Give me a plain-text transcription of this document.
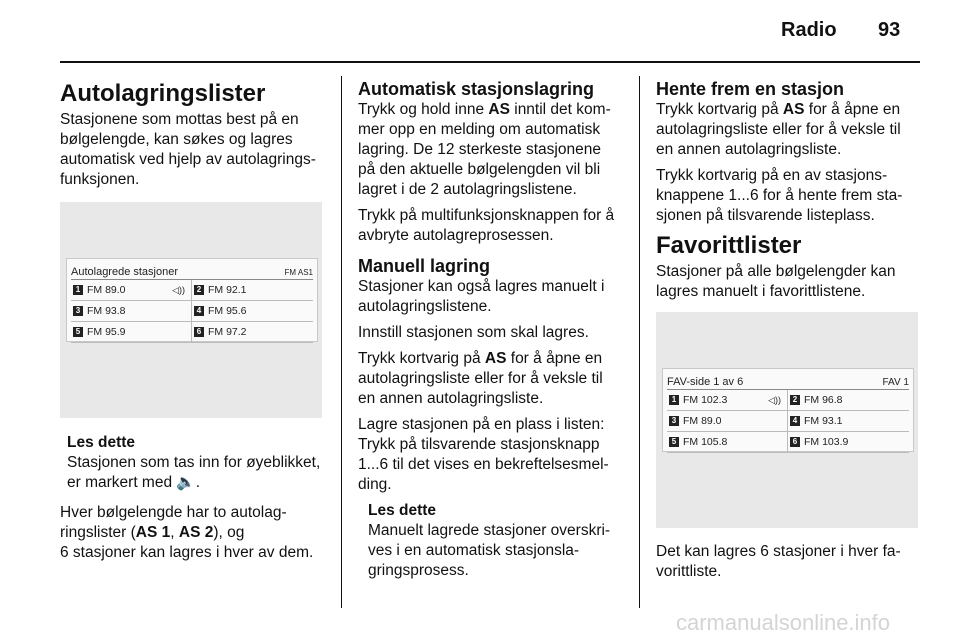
Radio 93
Autolagringslister
Stasjonene som mottas best på en
bølgelengde, kan søkes og lagres
automatisk ved hjelp av autolagrings-
funksjonen.
Autolagrede stasjoner	FM AS1
1 FM 89.0	◁))	2 FM 92.1
3 FM 93.8	4 FM 95.6
5 FM 95.9	6 FM 97.2
Les dette
Stasjonen som tas inn for øyeblikket,
er markert med 🔈.
Hver bølgelengde har to autolag-
ringslister (AS 1, AS 2), og
6 stasjoner kan lagres i hver av dem.
Automatisk stasjonslagring

Trykk og hold inne AS inntil det kom-
mer opp en melding om automatisk
lagring. De 12 sterkeste stasjonene
på den aktuelle bølgelengden vil bli
lagret i de 2 autolagringslistene.

Trykk på multifunksjonsknappen for å
avbryte autolagreprosessen.

Manuell lagring

Stasjoner kan også lagres manuelt i
autolagringslistene.

Innstill stasjonen som skal lagres.

Trykk kortvarig på AS for å åpne en
autolagringsliste eller for å veksle til
en annen autolagringsliste.

Lagre stasjonen på en plass i listen:
Trykk på tilsvarende stasjonsknapp
1...6 til det vises en bekreftelsesmel-
ding.

Les dette
Manuelt lagrede stasjoner overskri-
ves i en automatisk stasjonsla-
gringsprosess.
Hente frem en stasjon

Trykk kortvarig på AS for å åpne en
autolagringsliste eller for å veksle til
en annen autolagringsliste.

Trykk kortvarig på en av stasjons-
knappene 1...6 for å hente frem sta-
sjonen på tilsvarende listeplass.

Favorittlister

Stasjoner på alle bølgelengder kan
lagres manuelt i favorittlistene.

FAV-side 1 av 6	FAV 1
1 FM 102.3	◁))	2 FM 96.8
3 FM 89.0	4 FM 93.1
5 FM 105.8	6 FM 103.9

Det kan lagres 6 stasjoner i hver fa-
vorittliste.

carmanualsonline.info
